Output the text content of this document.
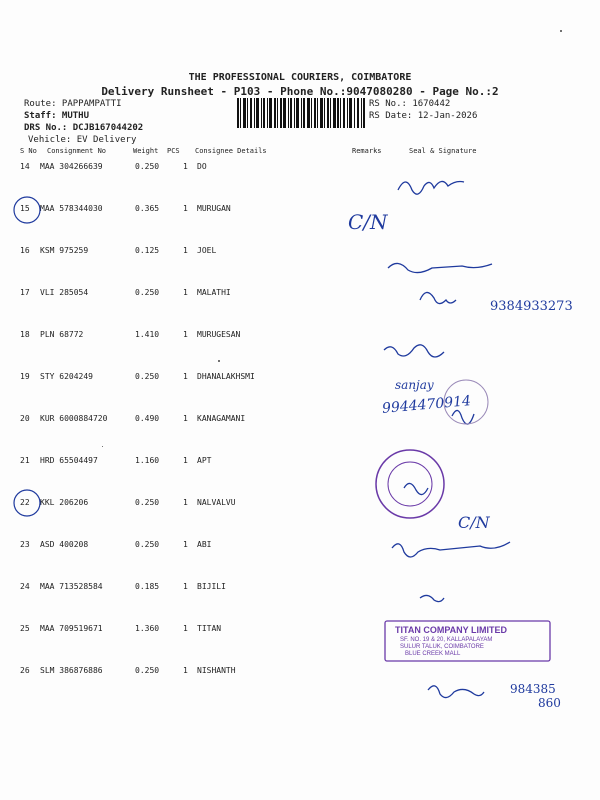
THE PROFESSIONAL COURIERS, COIMBATORE
Delivery Runsheet - P103 - Phone No.:9047080280 - Page No.:2
Route: PAPPAMPATTI
Staff: MUTHU
DRS No.: DCJB167044202
Vehicle: EV Delivery
RS No.: 1670442
RS Date: 12-Jan-2026
S No Consignment No	Weight PCS Consignee Details	Remarks	Seal & Signature
14 MAA 304266639	0.250	1 DO
15 MAA 578344030	0.365	1 MURUGAN
16 KSM 975259	0.125	1 JOEL
17 VLI 285054	0.250	1 MALATHI
18 PLN 68772	1.410	1 MURUGESAN
19 STY 6204249	0.250	1 DHANALAKHSMI
20 KUR 6000884720	0.490	1 KANAGAMANI
21 HRD 65504497	1.160	1 APT
22 KKL 206206	0.250	1 NALVALVU
23 ASD 400208	0.250	1 ABI
24 MAA 713528584	0.185	1 BIJILI
25 MAA 709519671	1.360	1 TITAN
26 SLM 386876886	0.250	1 NISHANTH
C/N
9384933273
sanjay
9944470914
C/N
984385
860
TITAN COMPANY LIMITED
SF. NO. 19 & 20, KALLAPALAYAM
SULUR TALUK, COIMBATORE
BLUE CREEK MALL
